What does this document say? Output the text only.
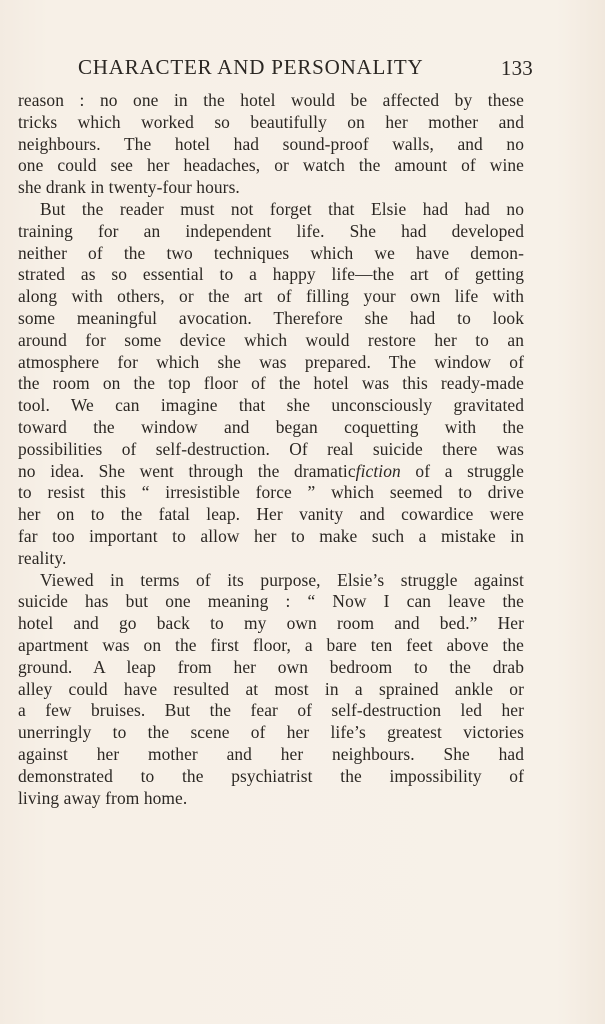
CHARACTER AND PERSONALITY	133

reason : no one in the hotel would be affected by these
tricks which worked so beautifully on her mother and
neighbours. The hotel had sound-proof walls, and no
one could see her headaches, or watch the amount of wine
she drank in twenty-four hours.

But the reader must not forget that Elsie had had no
training for an independent life. She had developed
neither of the two techniques which we have demon-
strated as so essential to a happy life—the art of getting
along with others, or the art of filling your own life with
some meaningful avocation. Therefore she had to look
around for some device which would restore her to an
atmosphere for which she was prepared. The window of
the room on the top floor of the hotel was this ready-made
tool. We can imagine that she unconsciously gravitated
toward the window and began coquetting with the
possibilities of self-destruction. Of real suicide there was
no idea. She went through the dramaticfiction of a struggle
to resist this “ irresistible force ” which seemed to drive
her on to the fatal leap. Her vanity and cowardice were
far too important to allow her to make such a mistake in
reality.

Viewed in terms of its purpose, Elsie’s struggle against
suicide has but one meaning : “ Now I can leave the
hotel and go back to my own room and bed.” Her
apartment was on the first floor, a bare ten feet above the
ground. A leap from her own bedroom to the drab
alley could have resulted at most in a sprained ankle or
a few bruises. But the fear of self-destruction led her
unerringly to the scene of her life’s greatest victories
against her mother and her neighbours. She had
demonstrated to the psychiatrist the impossibility of
living away from home.
